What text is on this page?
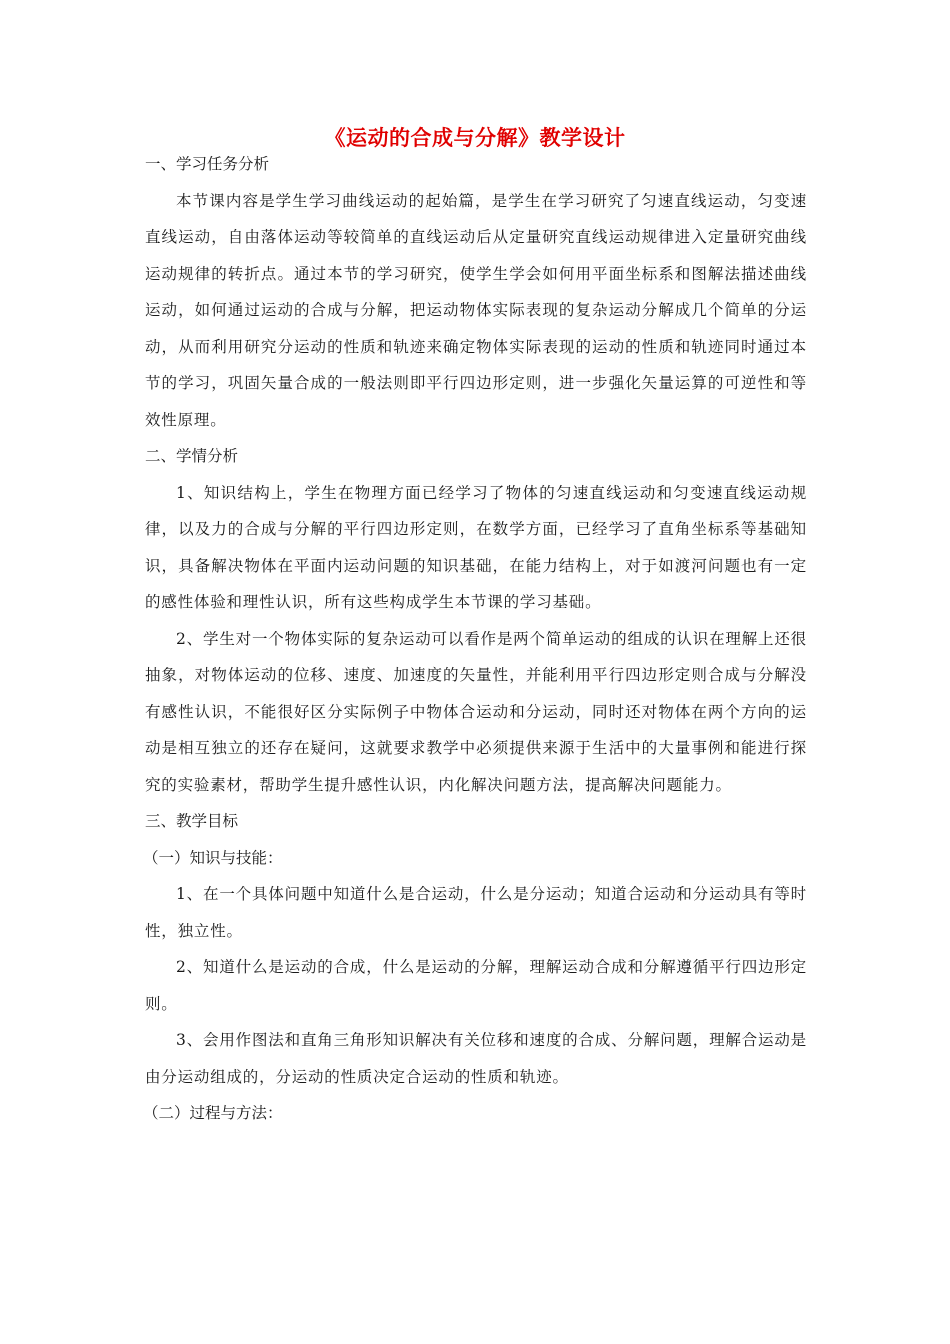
《运动的合成与分解》教学设计

一、学习任务分析

本节课内容是学生学习曲线运动的起始篇，是学生在学习研究了匀速直线运动，匀变速直线运动，自由落体运动等较简单的直线运动后从定量研究直线运动规律进入定量研究曲线运动规律的转折点。通过本节的学习研究，使学生学会如何用平面坐标系和图解法描述曲线运动，如何通过运动的合成与分解，把运动物体实际表现的复杂运动分解成几个简单的分运动，从而利用研究分运动的性质和轨迹来确定物体实际表现的运动的性质和轨迹同时通过本节的学习，巩固矢量合成的一般法则即平行四边形定则，进一步强化矢量运算的可逆性和等效性原理。

二、学情分析

1、知识结构上，学生在物理方面已经学习了物体的匀速直线运动和匀变速直线运动规律，以及力的合成与分解的平行四边形定则，在数学方面，已经学习了直角坐标系等基础知识，具备解决物体在平面内运动问题的知识基础，在能力结构上，对于如渡河问题也有一定的感性体验和理性认识，所有这些构成学生本节课的学习基础。

2、学生对一个物体实际的复杂运动可以看作是两个简单运动的组成的认识在理解上还很抽象，对物体运动的位移、速度、加速度的矢量性，并能利用平行四边形定则合成与分解没有感性认识，不能很好区分实际例子中物体合运动和分运动，同时还对物体在两个方向的运动是相互独立的还存在疑问，这就要求教学中必须提供来源于生活中的大量事例和能进行探究的实验素材，帮助学生提升感性认识，内化解决问题方法，提高解决问题能力。

三、教学目标

（一）知识与技能：

1、在一个具体问题中知道什么是合运动，什么是分运动；知道合运动和分运动具有等时性，独立性。

2、知道什么是运动的合成，什么是运动的分解，理解运动合成和分解遵循平行四边形定则。

3、会用作图法和直角三角形知识解决有关位移和速度的合成、分解问题，理解合运动是由分运动组成的，分运动的性质决定合运动的性质和轨迹。

（二）过程与方法：
